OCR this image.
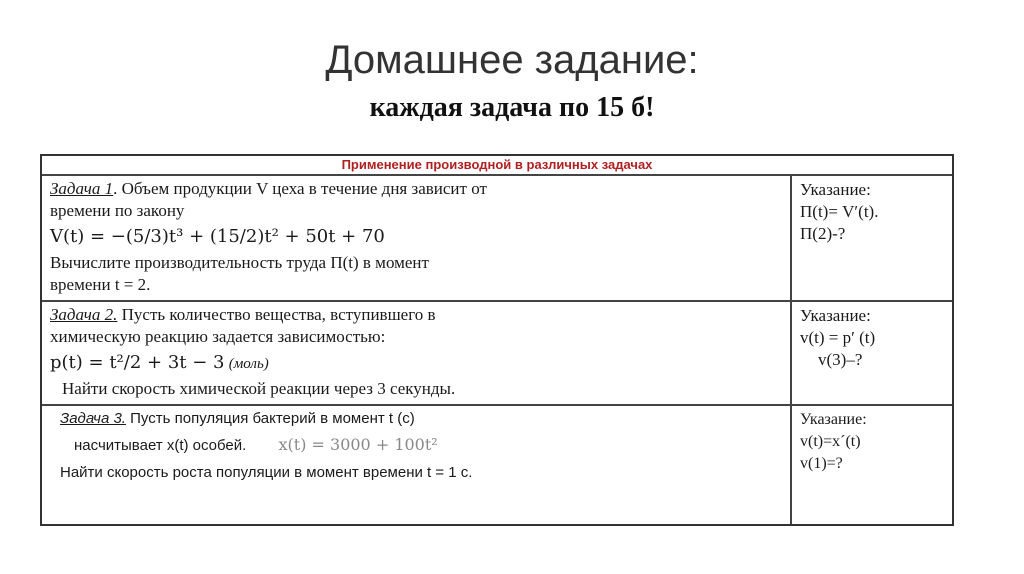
Домашнее задание:
каждая задача по 15 б!
Применение производной в различных задачах
Задача 1. Объем продукции V цеха в течение дня зависит от
времени по закону
V(t) = −(5/3)t³ + (15/2)t² + 50t + 70
Вычислите производительность труда П(t) в момент
времени t = 2.
Указание:
П(t)= V′(t).
П(2)-?
Задача 2. Пусть количество вещества, вступившего в
химическую реакцию задается зависимостью:
p(t) = t²/2 + 3t − 3 (моль)
Найти скорость химической реакции через 3 секунды.
Указание:
v(t) = p′ (t)
v(3)–?
Задача 3. Пусть популяция бактерий в момент t (с)
насчитывает x(t) особей. x(t) = 3000 + 100t²
Найти скорость роста популяции в момент времени t = 1 с.
Указание:
v(t)=x´(t)
v(1)=?
